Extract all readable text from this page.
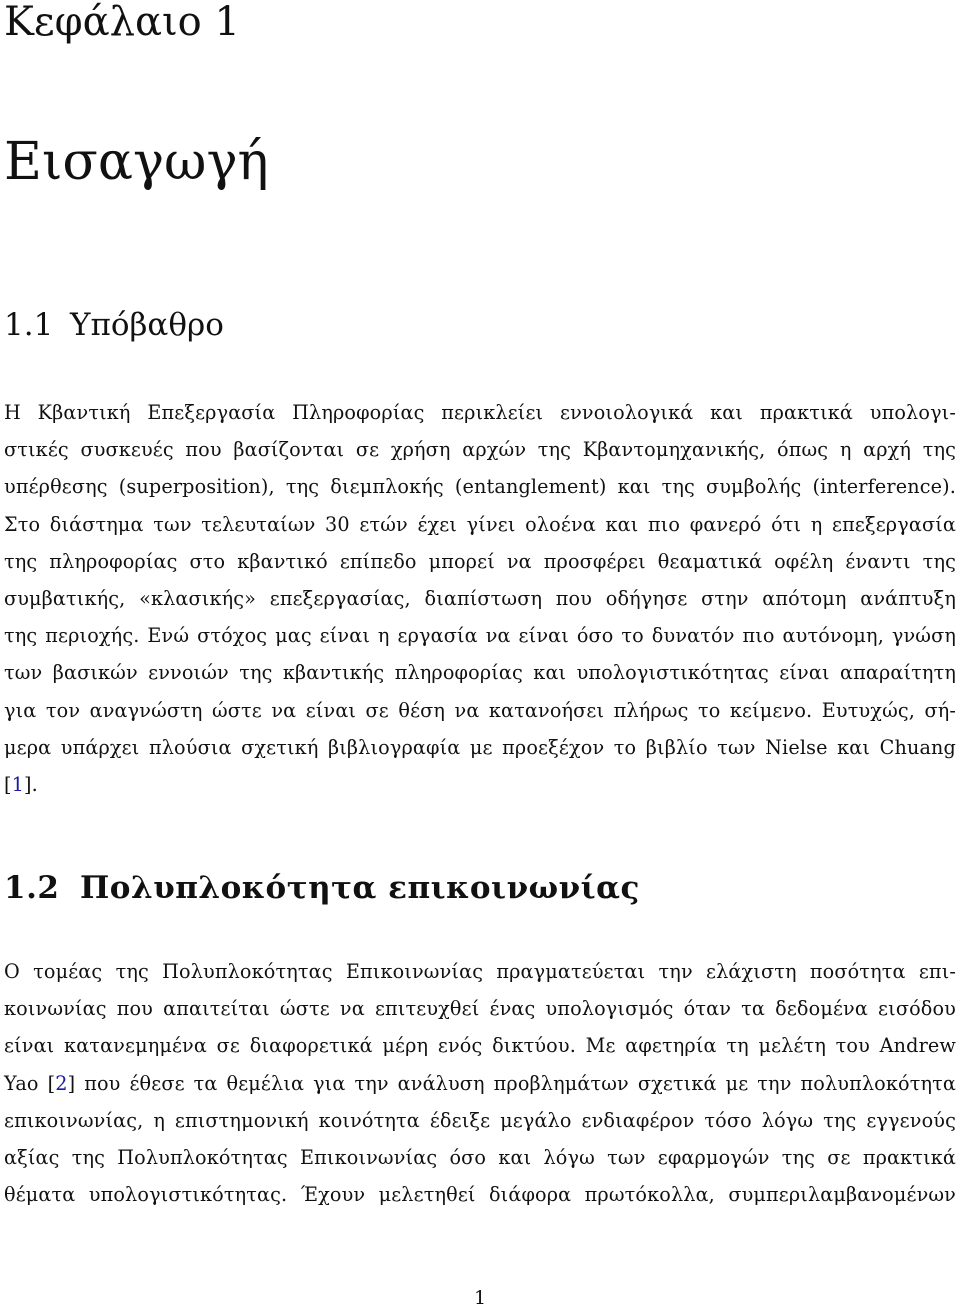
Κεφάλαιο 1
Εισαγωγή
1.1 Υπόβαθρο
Η Κβαντική Επεξεργασία Πληροφορίας περικλείει εννοιολογικά και πρακτικά υπολογι-
στικές συσκευές που βασίζονται σε χρήση αρχών της Κβαντομηχανικής, όπως η αρχή της
υπέρθεσης (superposition), της διεμπλοκής (entanglement) και της συμβολής (interference).
Στο διάστημα των τελευταίων 30 ετών έχει γίνει ολοένα και πιο φανερό ότι η επεξεργασία
της πληροφορίας στο κβαντικό επίπεδο μπορεί να προσφέρει θεαματικά οφέλη έναντι της
συμβατικής, «κλασικής» επεξεργασίας, διαπίστωση που οδήγησε στην απότομη ανάπτυξη
της περιοχής. Ενώ στόχος μας είναι η εργασία να είναι όσο το δυνατόν πιο αυτόνομη, γνώση
των βασικών εννοιών της κβαντικής πληροφορίας και υπολογιστικότητας είναι απαραίτητη
για τον αναγνώστη ώστε να είναι σε θέση να κατανοήσει πλήρως το κείμενο. Ευτυχώς, σή-
μερα υπάρχει πλούσια σχετική βιβλιογραφία με προεξέχον το βιβλίο των Nielse και Chuang
[1].
1.2 Πολυπλοκότητα επικοινωνίας
Ο τομέας της Πολυπλοκότητας Επικοινωνίας πραγματεύεται την ελάχιστη ποσότητα επι-
κοινωνίας που απαιτείται ώστε να επιτευχθεί ένας υπολογισμός όταν τα δεδομένα εισόδου
είναι κατανεμημένα σε διαφορετικά μέρη ενός δικτύου. Με αφετηρία τη μελέτη του Andrew
Yao [2] που έθεσε τα θεμέλια για την ανάλυση προβλημάτων σχετικά με την πολυπλοκότητα
επικοινωνίας, η επιστημονική κοινότητα έδειξε μεγάλο ενδιαφέρον τόσο λόγω της εγγενούς
αξίας της Πολυπλοκότητας Επικοινωνίας όσο και λόγω των εφαρμογών της σε πρακτικά
θέματα υπολογιστικότητας. Έχουν μελετηθεί διάφορα πρωτόκολλα, συμπεριλαμβανομένων
1
